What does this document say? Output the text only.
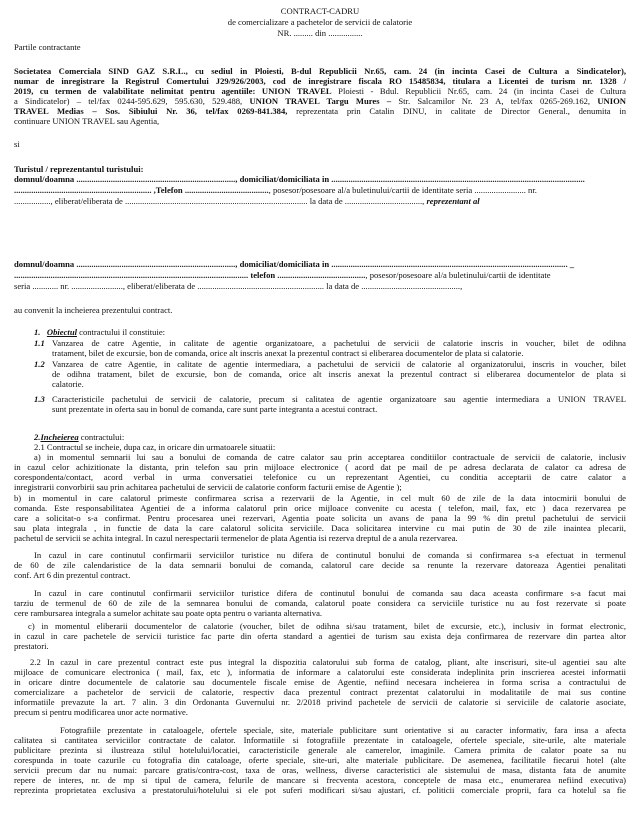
CONTRACT-CADRU
de comercializare a pachetelor de servicii de calatorie
NR. ......... din ................
Partile contractante
Societatea Comerciala SIND GAZ S.R.L., cu sediul in Ploiesti, B-dul Republicii Nr.65, cam. 24 (in incinta Casei de Cultura a Sindicatelor),
numar de inregistrare la Registrul Comertului J29/926/2003, cod de inregistrare fiscala RO 15485834, titulara a Licentei de turism nr. 1328 /
2019, cu termen de valabilitate nelimitat pentru agentiile: UNION TRAVEL Ploiesti - Bdul. Republicii Nr.65, cam. 24 (in incinta Casei de Cultura
a Sindicatelor) – tel/fax 0244-595.629, 595.630, 529.488, UNION TRAVEL Targu Mures – Str. Salcamilor Nr. 23 A, tel/fax 0265-269.162, UNION
TRAVEL Medias – Sos. Sibiului Nr. 36, tel/fax 0269-841.384, reprezentata prin Catalin DINU, in calitate de Director General., denumita in
continuare UNION TRAVEL sau Agentia,
si
Turistul / reprezentantul turistului:
domnul/doamna .........................................................................., domiciliat/domiciliata in ......................................................................................................................
................................................................ ,Telefon ......................................., posesor/posesoare al/a buletinului/cartii de identitate seria ........................ nr.
................., eliberat/eliberata de ..................................................................................... la data de ...................................., reprezentant al
domnul/doamna .........................................................................., domiciliat/domiciliata in .............................................................................................................. _
............................................................................................................. telefon ........................................., posesor/posesoare al/a buletinului/cartii de identitate
seria ............ nr. ........................, eliberat/eliberata de ........................................................... la data de ..............................................,
au convenit la incheierea prezentului contract.
1. Obiectul contractului il constituie:
1.1 Vanzarea de catre Agentie, in calitate de agentie organizatoare, a pachetului de servicii de calatorie inscris in voucher, bilet de odihna
tratament, bilet de excursie, bon de comanda, orice alt inscris anexat la prezentul contract si eliberarea documentelor de plata si calatorie.
1.2 Vanzarea de catre Agentie, in calitate de agentie intermediara, a pachetului de servicii de calatorie al organizatorului, inscris in voucher, bilet
de odihna tratament, bilet de excursie, bon de comanda, orice alt inscris anexat la prezentul contract si eliberarea documentelor de plata si
calatorie.
1.3 Caracteristicile pachetului de servicii de calatorie, precum si calitatea de agentie organizatoare sau agentie intermediara a UNION TRAVEL
sunt prezentate in oferta sau in bonul de comanda, care sunt parte integranta a acestui contract.
2.Incheierea contractului:
2.1 Contractul se incheie, dupa caz, in oricare din urmatoarele situatii:
a) in momentul semnarii lui sau a bonului de comanda de catre calator sau prin acceptarea conditiilor contractuale de servicii de calatorie, inclusiv
in cazul celor achizitionate la distanta, prin telefon sau prin mijloace electronice ( acord dat pe mail de pe adresa declarata de calator ca adresa de
corespondenta/contact, acord verbal in urma conversatiei telefonice cu un reprezentant Agentiei, cu conditia acceptarii de catre calator a
inregistrarii convorbirii sau prin achitarea pachetului de servicii de calatorie conform facturii emise de Agentie );
b) in momentul in care calatorul primeste confirmarea scrisa a rezervarii de la Agentie, in cel mult 60 de zile de la data intocmirii bonului de
comanda. Este responsabilitatea Agentiei de a informa calatorul prin orice mijloace convenite cu acesta ( telefon, mail, fax, etc ) daca rezervarea pe
care a solicitat-o s-a confirmat. Pentru procesarea unei rezervari, Agentia poate solicita un avans de pana la 99 % din pretul pachetului de servicii
sau plata integrala , in functie de data la care calatorul solicita serviciile. Daca solicitarea intervine cu mai putin de 30 de zile inaintea plecarii,
pachetul de servicii se achita integral. In cazul nerespectarii termenelor de plata Agentia isi rezerva dreptul de a anula rezervarea.
In cazul in care continutul confirmarii serviciilor turistice nu difera de continutul bonului de comanda si confirmarea s-a efectuat in termenul
de 60 de zile calendaristice de la data semnarii bonului de comanda, calatorul care decide sa renunte la rezervare datoreaza Agentiei penalitati
conf. Art 6 din prezentul contract.
In cazul in care continutul confirmarii serviciilor turistice difera de continutul bonului de comanda sau daca aceasta confirmare s-a facut mai
tarziu de termenul de 60 de zile de la semnarea bonului de comanda, calatorul poate considera ca serviciile turistice nu au fost rezervate si poate
cere rambursarea integrala a sumelor achitate sau poate opta pentru o varianta alternativa.
c) in momentul eliberarii documentelor de calatorie (voucher, bilet de odihna si/sau tratament, bilet de excursie, etc.), inclusiv in format electronic,
in cazul in care pachetele de servicii turistice fac parte din oferta standard a agentiei de turism sau exista deja confirmarea de rezervare din partea altor
prestatori.
2.2 In cazul in care prezentul contract este pus integral la dispozitia calatorului sub forma de catalog, pliant, alte inscrisuri, site-ul agentiei sau alte
mijloace de comunicare electronica ( mail, fax, etc ), informatia de informare a calatorului este considerata indeplinita prin inscrierea acestei informatii
in oricare dintre documentele de calatorie sau documentele fiscale emise de Agentie, nefiind necesara incheierea in forma scrisa a contractului de
comercializare a pachetelor de servicii de calatorie, respectiv daca prezentul contract prezentat calatorului in modalitatile de mai sus contine
informatiile prevazute la art. 7 alin. 3 din Ordonanta Guvernului nr. 2/2018 privind pachetele de servicii de calatorie si serviciile de calatorie asociate,
precum si pentru modificarea unor acte normative.
Fotografiile prezentate in cataloagele, ofertele speciale, site, materiale publicitare sunt orientative si au caracter informativ, fara insa a afecta
calitatea si cantitatea serviciilor contractate de calator. Informatiile si fotografiile prezentate in cataloagele, ofertele speciale, site-urile, alte materiale
publicitare prezinta si ilustreaza stilul hotelului/locatiei, caracteristicile generale ale camerelor, imaginile. Camera primita de calator poate sa nu
corespunda in toate cazurile cu fotografia din cataloage, oferte speciale, site-uri, alte materiale publicitare. De asemenea, facilitatile fiecarui hotel (alte
servicii precum dar nu numai: parcare gratis/contra-cost, taxa de oras, wellness, diverse caracteristici ale sistemului de masa, distanta fata de anumite
repere de interes, nr. de mp si tipul de camera, felurile de mancare si frecventa acestora, conceptele de masa etc., enumerarea nefiind executiva)
reprezinta proprietatea exclusiva a prestatorului/hotelului si ele pot suferi modificari si/sau ajustari, cf. politicii comerciale proprii, fara ca hotelul sa fie
